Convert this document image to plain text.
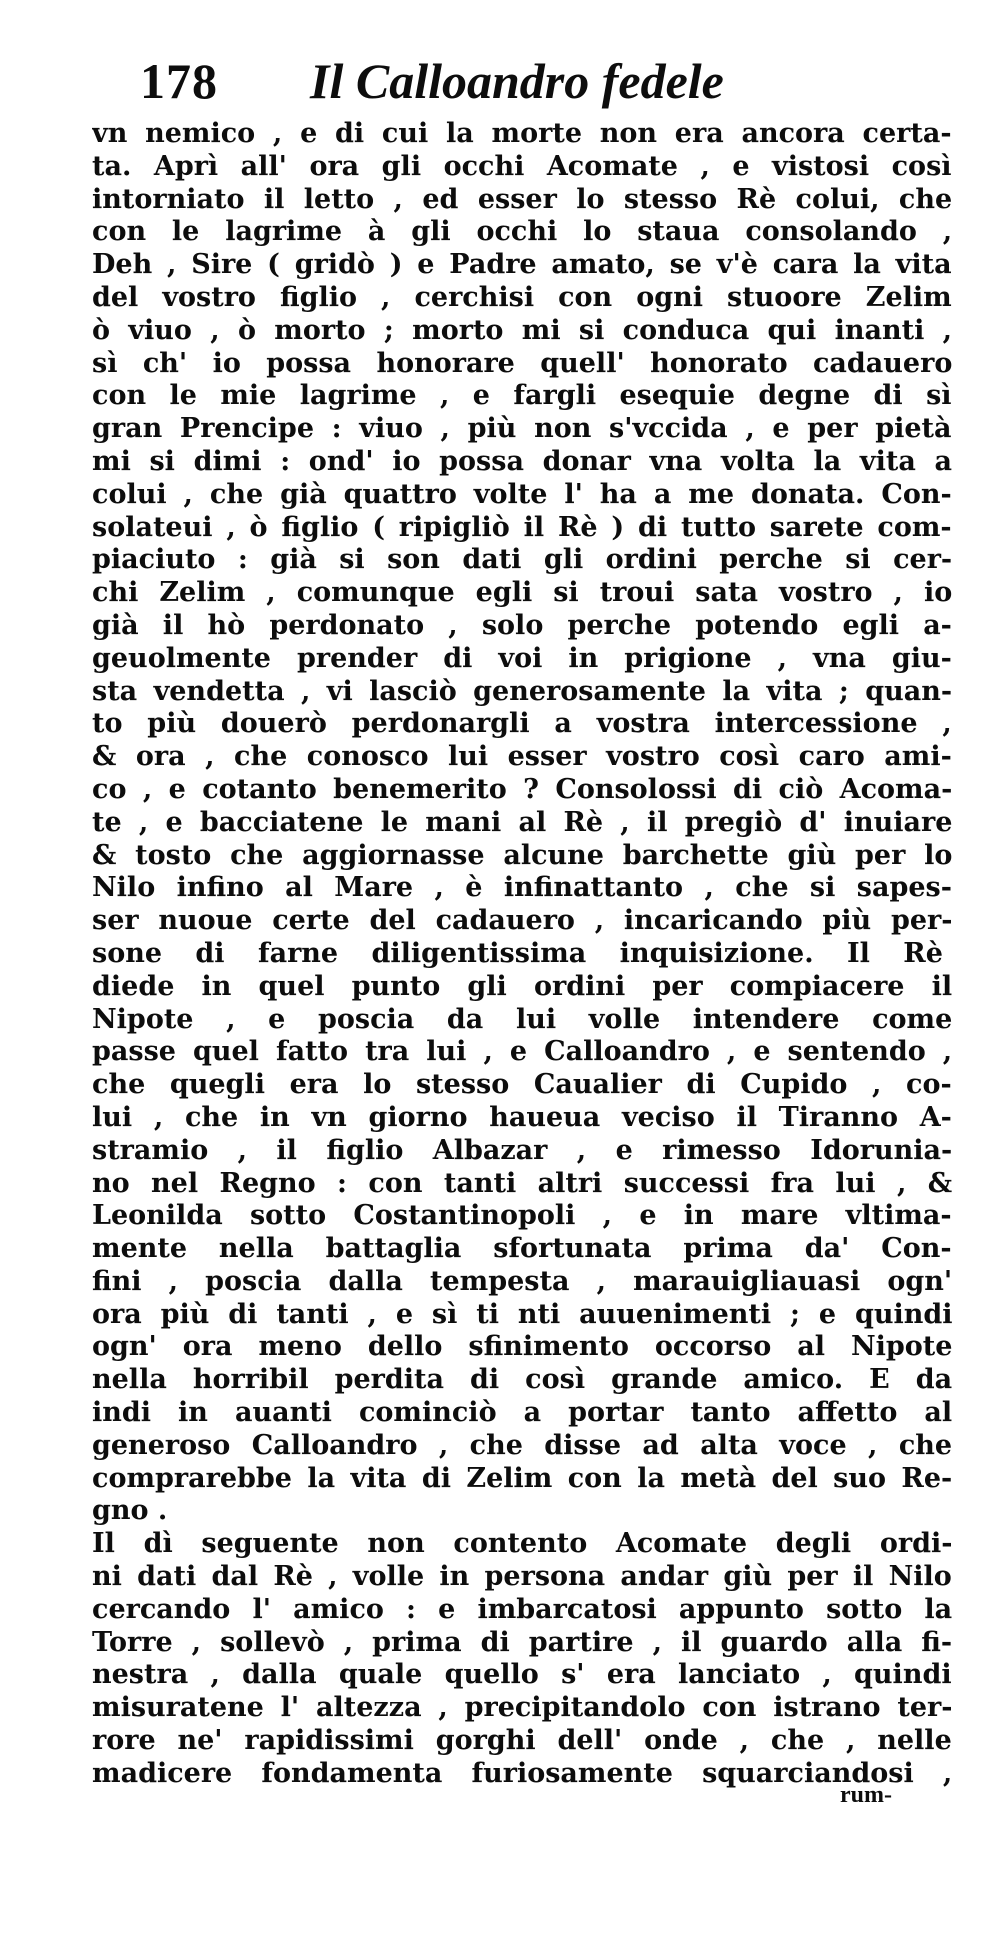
178 Il Calloandro fedele
vn nemico , e di cui la morte non era ancora certa-
ta. Aprì all' ora gli occhi Acomate , e vistosi così
intorniato il letto , ed esser lo stesso Rè colui, che
con le lagrime à gli occhi lo staua consolando ,
Deh , Sire ( gridò ) e Padre amato, se v'è cara la vita
del vostro figlio , cerchisi con ogni stuoore Zelim
ò viuo , ò morto ; morto mi si conduca qui inanti ,
sì ch' io possa honorare quell' honorato cadauero
con le mie lagrime , e fargli esequie degne di sì
gran Prencipe : viuo , più non s'vccida , e per pietà
mi si dimi : ond' io possa donar vna volta la vita a
colui , che già quattro volte l' ha a me donata. Con-
solateui , ò figlio ( ripigliò il Rè ) di tutto sarete com-
piaciuto : già si son dati gli ordini perche si cer-
chi Zelim , comunque egli si troui sata vostro , io
già il hò perdonato , solo perche potendo egli a-
geuolmente prender di voi in prigione , vna giu-
sta vendetta , vi lasciò generosamente la vita ; quan-
to più douerò perdonargli a vostra intercessione ,
& ora , che conosco lui esser vostro così caro ami-
co , e cotanto benemerito ? Consolossi di ciò Acoma-
te , e bacciatene le mani al Rè , il pregiò d' inuiare
& tosto che aggiornasse alcune barchette giù per lo
Nilo infino al Mare , è infinattanto , che si sapes-
ser nuoue certe del cadauero , incaricando più per-
sone di farne diligentissima inquisizione. Il Rè
diede in quel punto gli ordini per compiacere il
Nipote , e poscia da lui volle intendere come
passe quel fatto tra lui , e Calloandro , e sentendo ,
che quegli era lo stesso Caualier di Cupido , co-
lui , che in vn giorno haueua veciso il Tiranno A-
stramio , il figlio Albazar , e rimesso Idorunia-
no nel Regno : con tanti altri successi fra lui , &
Leonilda sotto Costantinopoli , e in mare vltima-
mente nella battaglia sfortunata prima da' Con-
fini , poscia dalla tempesta , marauigliauasi ogn'
ora più di tanti , e sì ti nti auuenimenti ; e quindi
ogn' ora meno dello sfinimento occorso al Nipote
nella horribil perdita di così grande amico. E da
indi in auanti cominciò a portar tanto affetto al
generoso Calloandro , che disse ad alta voce , che
comprarebbe la vita di Zelim con la metà del suo Re-
gno .
Il dì seguente non contento Acomate degli ordi-
ni dati dal Rè , volle in persona andar giù per il Nilo
cercando l' amico : e imbarcatosi appunto sotto la
Torre , sollevò , prima di partire , il guardo alla fi-
nestra , dalla quale quello s' era lanciato , quindi
misuratene l' altezza , precipitandolo con istrano ter-
rore ne' rapidissimi gorghi dell' onde , che , nelle
madicere fondamenta furiosamente squarciandosi ,
rum-
